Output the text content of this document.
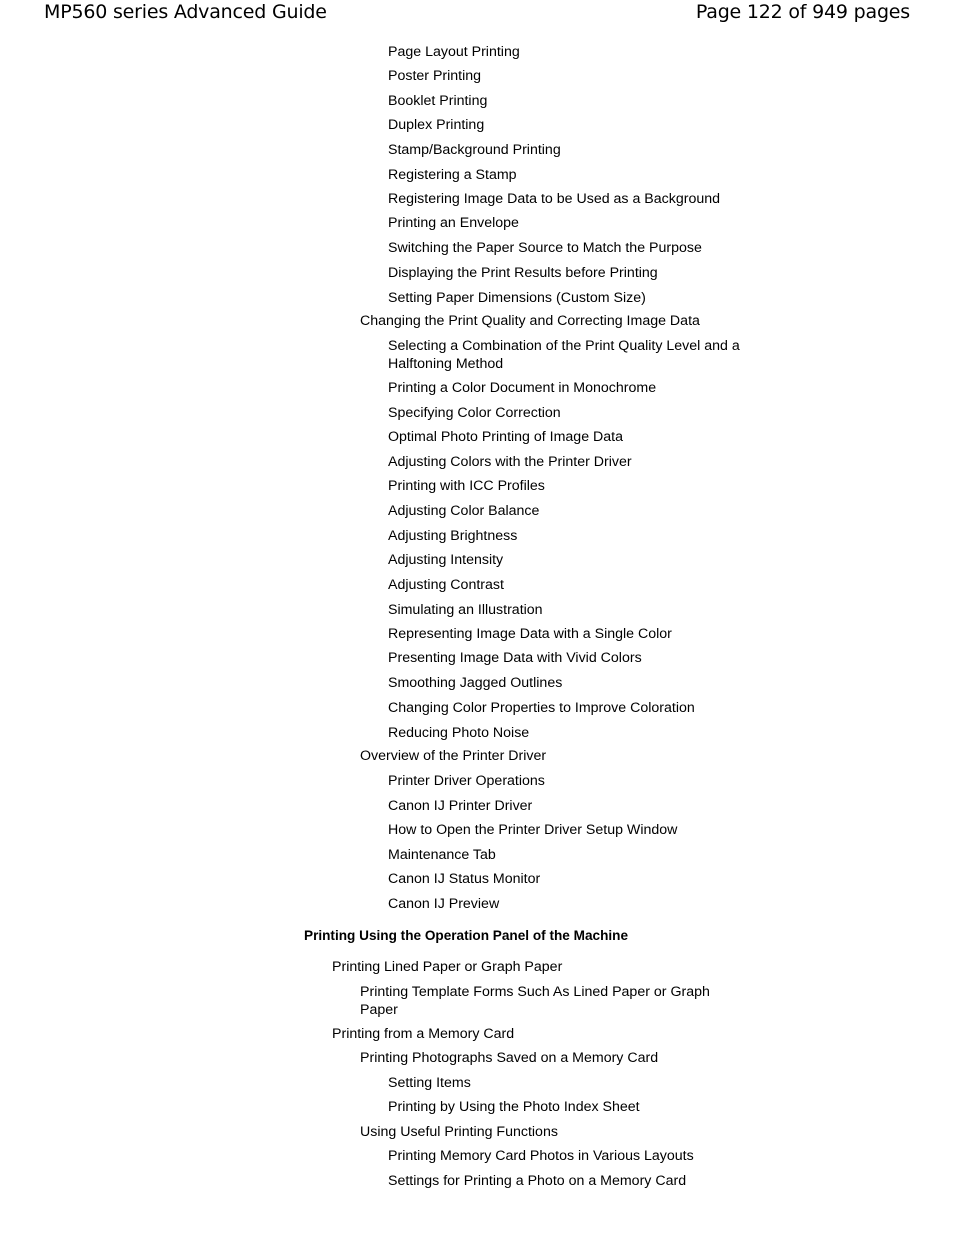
MP560 series Advanced Guide	Page 122 of 949 pages
Page Layout Printing
Poster Printing
Booklet Printing
Duplex Printing
Stamp/Background Printing
Registering a Stamp
Registering Image Data to be Used as a Background
Printing an Envelope
Switching the Paper Source to Match the Purpose
Displaying the Print Results before Printing
Setting Paper Dimensions (Custom Size)
Changing the Print Quality and Correcting Image Data
Selecting a Combination of the Print Quality Level and a Halftoning Method
Printing a Color Document in Monochrome
Specifying Color Correction
Optimal Photo Printing of Image Data
Adjusting Colors with the Printer Driver
Printing with ICC Profiles
Adjusting Color Balance
Adjusting Brightness
Adjusting Intensity
Adjusting Contrast
Simulating an Illustration
Representing Image Data with a Single Color
Presenting Image Data with Vivid Colors
Smoothing Jagged Outlines
Changing Color Properties to Improve Coloration
Reducing Photo Noise
Overview of the Printer Driver
Printer Driver Operations
Canon IJ Printer Driver
How to Open the Printer Driver Setup Window
Maintenance Tab
Canon IJ Status Monitor
Canon IJ Preview
Printing Using the Operation Panel of the Machine
Printing Lined Paper or Graph Paper
Printing Template Forms Such As Lined Paper or Graph Paper
Printing from a Memory Card
Printing Photographs Saved on a Memory Card
Setting Items
Printing by Using the Photo Index Sheet
Using Useful Printing Functions
Printing Memory Card Photos in Various Layouts
Settings for Printing a Photo on a Memory Card
